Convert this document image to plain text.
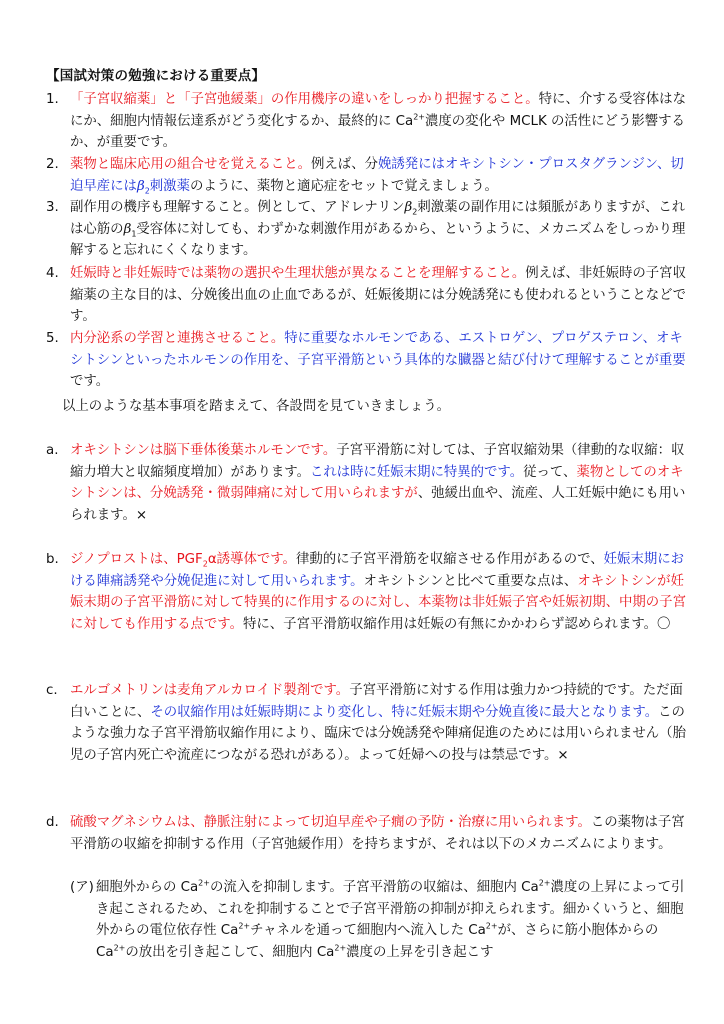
【国試対策の勉強における重要点】
1. 「子宮収縮薬」と「子宮弛緩薬」の作用機序の違いをしっかり把握すること。特に、介する受容体はなにか、細胞内情報伝達系がどう変化するか、最終的に $Ca^{2+}$濃度の変化や MCLK の活性にどう影響するか、が重要です。
2. 薬物と臨床応用の組合せを覚えること。例えば、分娩誘発にはオキシトシン・プロスタグランジン、切迫早産には$\beta_2$刺激薬のように、薬物と適応症をセットで覚えましょう。
3. 副作用の機序も理解すること。例として、アドレナリン$\beta_2$刺激薬の副作用には頻脈がありますが、これは心筋の$\beta_1$受容体に対しても、わずかな刺激作用があるから、というように、メカニズムをしっかり理解すると忘れにくくなります。
4. 妊娠時と非妊娠時では薬物の選択や生理状態が異なることを理解すること。例えば、非妊娠時の子宮収縮薬の主な目的は、分娩後出血の止血であるが、妊娠後期には分娩誘発にも使われるということなどです。
5. 内分泌系の学習と連携させること。特に重要なホルモンである、エストロゲン、プロゲステロン、オキシトシンといったホルモンの作用を、子宮平滑筋という具体的な臓器と結び付けて理解することが重要です。
以上のような基本事項を踏まえて、各設問を見ていきましょう。
a. オキシトシンは脳下垂体後葉ホルモンです。子宮平滑筋に対しては、子宮収縮効果（律動的な収縮：収縮力増大と収縮頻度増加）があります。これは時に妊娠末期に特異的です。従って、薬物としてのオキシトシンは、分娩誘発・微弱陣痛に対して用いられますが、弛緩出血や、流産、人工妊娠中絶にも用いられます。×
b. ジノプロストは、$PGF_2\alpha$誘導体です。律動的に子宮平滑筋を収縮させる作用があるので、妊娠末期における陣痛誘発や分娩促進に対して用いられます。オキシトシンと比べて重要な点は、オキシトシンが妊娠末期の子宮平滑筋に対して特異的に作用するのに対し、本薬物は非妊娠子宮や妊娠初期、中期の子宮に対しても作用する点です。特に、子宮平滑筋収縮作用は妊娠の有無にかかわらず認められます。〇
c. エルゴメトリンは麦角アルカロイド製剤です。子宮平滑筋に対する作用は強力かつ持続的です。ただ面白いことに、その収縮作用は妊娠時期により変化し、特に妊娠末期や分娩直後に最大となります。このような強力な子宮平滑筋収縮作用により、臨床では分娩誘発や陣痛促進のためには用いられません（胎児の子宮内死亡や流産につながる恐れがある）。よって妊婦への投与は禁忌です。×
d. 硫酸マグネシウムは、静脈注射によって切迫早産や子癇の予防・治療に用いられます。この薬物は子宮平滑筋の収縮を抑制する作用（子宮弛緩作用）を持ちますが、それは以下のメカニズムによります。
(ア) 細胞外からの $Ca^{2+}$の流入を抑制します。子宮平滑筋の収縮は、細胞内 $Ca^{2+}$濃度の上昇によって引き起こされるため、これを抑制することで子宮平滑筋の抑制が抑えられます。細かくいうと、細胞外からの電位依存性 $Ca^{2+}$チャネルを通って細胞内へ流入した $Ca^{2+}$が、さらに筋小胞体からの $Ca^{2+}$の放出を引き起こして、細胞内 $Ca^{2+}$濃度の上昇を引き起こす
